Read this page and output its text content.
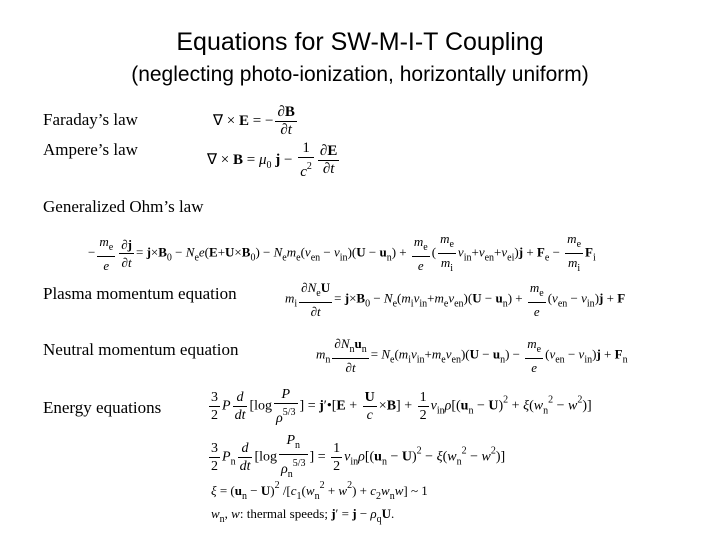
Equations for SW-M-I-T Coupling
(neglecting photo-ionization, horizontally uniform)
Faraday’s law
Ampere’s law
Generalized Ohm’s law
Plasma momentum equation
Neutral momentum equation
Energy equations
∇ × E = − $\frac{\partial B}{\partial t}$
∇ × $B = \mu_0$ $j - \frac{1}{c^2} \frac{\partial E}{\partial t}$
− $\frac{m_e}{e} \frac{\partial j}{\partial t} = j\times B_0 - N_ee(E+U\times B_0) - N_em_e(\nu_{en} - \nu_{in})(U - u_n) + \frac{m_e}{e}$ ( $\frac{m_e}{m_i} \nu_{in}+\nu_{en}+\nu_{ei})j + F_e - \frac{m_e}{m_i} F_i$
$m_i \frac{\partial N_eU}{\partial t} = j\times B_0 - N_e(m_i\nu_{in}+m_e\nu_{en})(U - u_n) + \frac{m_e}{e} (\nu_{en} - \nu_{in})j + F$
$m_n \frac{\partial N_nu_n}{\partial t} = N_e(m_i\nu_{in}+m_e\nu_{en})(U - u_n) - \frac{m_e}{e} (\nu_{en} - \nu_{in})j + F_n$
$\frac{3}{2}$ P $\frac{d}{dt} [\log \frac{P}{\rho^{5/3}}$ ] = j′•[E + $\frac{U}{c} \times B] + \frac{1}{2} \nu_{in}\rho[(u_n - U)^2 + \xi(w_n^2 - w^2)]$
$\frac{3}{2} P_n \frac{d}{dt} [\log \frac{P_n}{\rho_n^{5/3}}$ ] = $\frac{1}{2} \nu_{in}\rho[(u_n - U)^2 - \xi(w_n^2 - w^2)]$
$\xi = (u_n - U)^2$ $/[c_1(w_n^2 + w^2) + c_2w_nw]$ ~ 1
$w_n$, w: thermal speeds; $j' = j - \rho_qU$.
